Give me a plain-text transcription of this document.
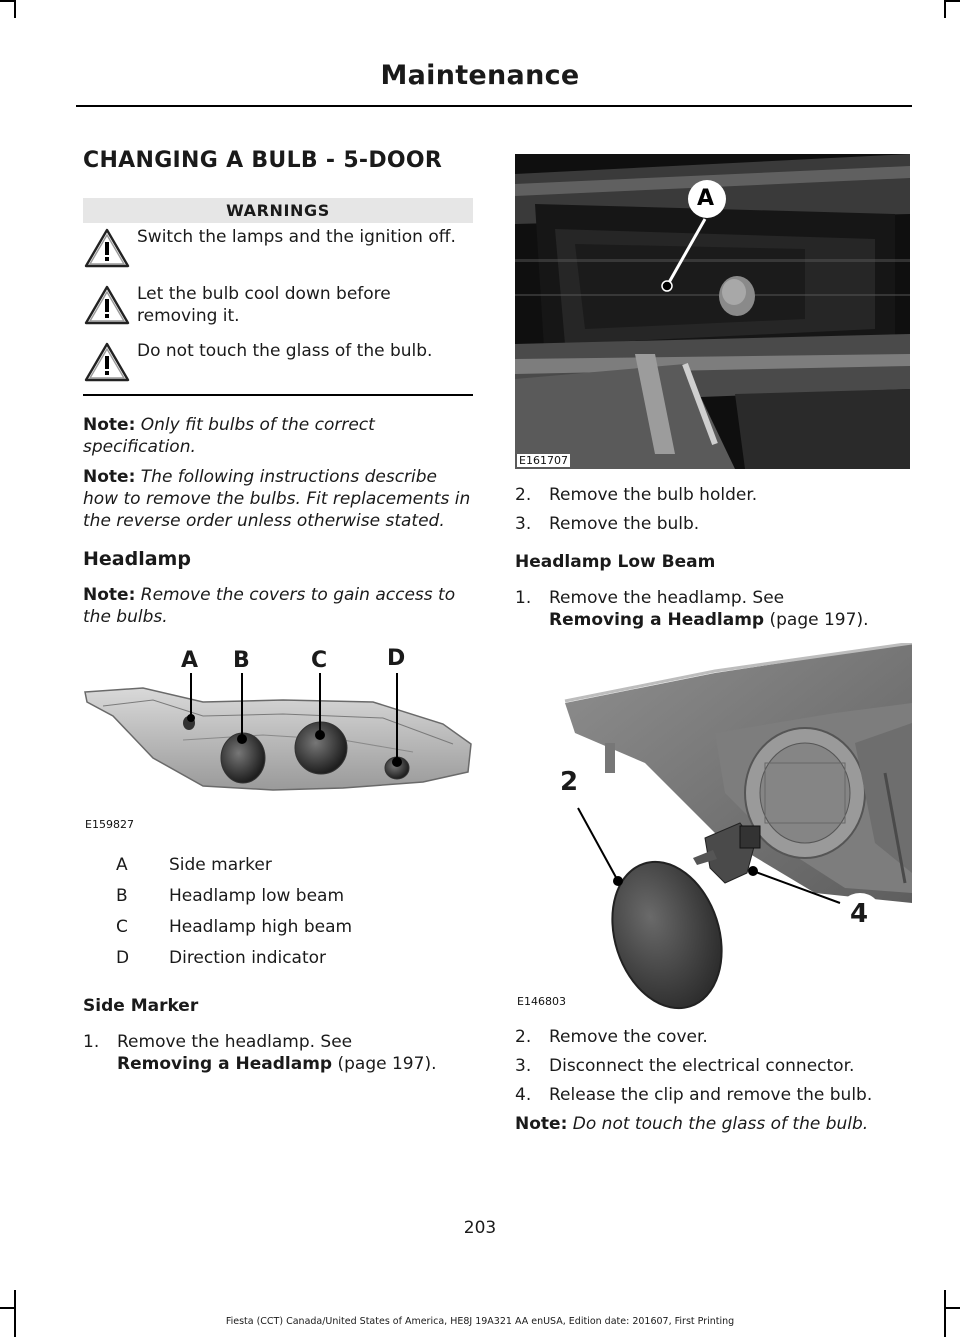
Maintenance
CHANGING A BULB - 5-DOOR
WARNINGS
Switch the lamps and the ignition off.
Let the bulb cool down before removing it.
Do not touch the glass of the bulb.
Note: Only fit bulbs of the correct specification.
Note: The following instructions describe how to remove the bulbs. Fit replacements in the reverse order unless otherwise stated.
Headlamp
Note: Remove the covers to gain access to the bulbs.
A B	C	D
E159827
A	Side marker
B	Headlamp low beam
C	Headlamp high beam
D	Direction indicator
Side Marker
1. Remove the headlamp. See
Removing a Headlamp (page 197).
A
E161707
2. Remove the bulb holder.
3. Remove the bulb.
Headlamp Low Beam
1. Remove the headlamp. See
Removing a Headlamp (page 197).
2
4
E146803
2. Remove the cover.
3. Disconnect the electrical connector.
4. Release the clip and remove the bulb.
Note: Do not touch the glass of the bulb.
203
Fiesta (CCT) Canada/United States of America, HE8J 19A321 AA enUSA, Edition date: 201607, First Printing
